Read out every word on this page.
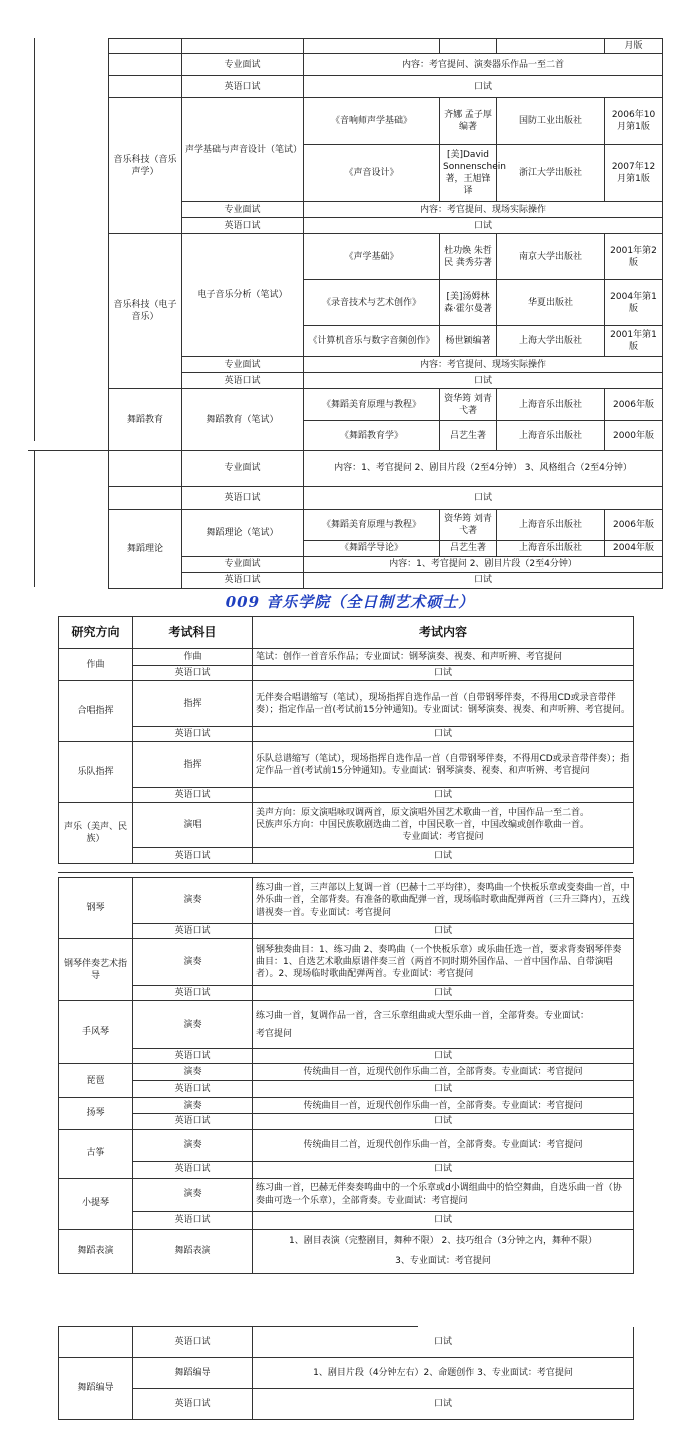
					月版
	专业面试	内容：考官提问、演奏器乐作品一至二首			
	英语口试	口试			
音乐科技（音乐声学）	声学基础与声音设计（笔试）	《音响师声学基础》	齐娜 孟子厚 编著	国防工业出版社	2006年10月第1版
		《声音设计》	[美]David Sonnenschein著，王旭锋译	浙江大学出版社	2007年12月第1版
	专业面试	内容：考官提问、现场实际操作			
	英语口试	口试			
音乐科技（电子音乐）	电子音乐分析（笔试）	《声学基础》	杜功焕 朱哲民 龚秀芬著	南京大学出版社	2001年第2版
		《录音技术与艺术创作》	[美]汤姆林森·霍尔曼著	华夏出版社	2004年第1版
		《计算机音乐与数字音频创作》	杨世颖编著	上海大学出版社	2001年第1版
	专业面试	内容：考官提问、现场实际操作			
	英语口试	口试			
舞蹈教育	舞蹈教育（笔试）	《舞蹈美育原理与教程》	资华筠 刘青弋著	上海音乐出版社	2006年版
		《舞蹈教育学》	吕艺生著	上海音乐出版社	2000年版
	专业面试	内容：1、考官提问 2、剧目片段（2至4分钟） 3、风格组合（2至4分钟）			
	英语口试	口试			
舞蹈理论	舞蹈理论（笔试）	《舞蹈美育原理与教程》	资华筠 刘青弋著	上海音乐出版社	2006年版
		《舞蹈学导论》	吕艺生著	上海音乐出版社	2004年版
	专业面试	内容：1、考官提问 2、剧目片段（2至4分钟）			
	英语口试	口试			
009 音乐学院（全日制艺术硕士）
研究方向	考试科目	考试内容
作曲	作曲	笔试：创作一首音乐作品；专业面试：钢琴演奏、视奏、和声听辨、考官提问
	英语口试	口试
合唱指挥	指挥	无伴奏合唱谱缩写（笔试），现场指挥自选作品一首（自带钢琴伴奏，不得用CD或录音带伴奏）；指定作品一首(考试前15分钟通知)。专业面试：钢琴演奏、视奏、和声听辨、考官提问。
	英语口试	口试
乐队指挥	指挥	乐队总谱缩写（笔试），现场指挥自选作品一首（自带钢琴伴奏，不得用CD或录音带伴奏）；指定作品一首(考试前15分钟通知)。专业面试：钢琴演奏、视奏、和声听辨、考官提问
	英语口试	口试
声乐（美声、民族）	演唱	美声方向：原文演唱咏叹调两首，原文演唱外国艺术歌曲一首，中国作品一至二首。
民族声乐方向：中国民族歌剧选曲二首，中国民歌一首，中国改编或创作歌曲一首。
专业面试：考官提问

	英语口试	口试
钢琴	演奏	练习曲一首，三声部以上复调一首（巴赫十二平均律），奏鸣曲一个快板乐章或变奏曲一首，中外乐曲一首，全部背奏。有准备的歌曲配弹一首，现场临时歌曲配弹两首（三升三降内），五线谱视奏一首。专业面试：考官提问
	英语口试	口试
钢琴伴奏艺术指导	演奏	钢琴独奏曲目：1、练习曲 2、奏鸣曲（一个快板乐章）或乐曲任选一首，要求背奏钢琴伴奏曲目：1、自选艺术歌曲原谱伴奏三首（两首不同时期外国作品、一首中国作品、自带演唱者）。2、现场临时歌曲配弹两首。专业面试：考官提问
	英语口试	口试
手风琴	演奏	练习曲一首，复调作品一首，含三乐章组曲或大型乐曲一首，全部背奏。专业面试：
考官提问

	英语口试	口试
琵琶	演奏	传统曲目一首，近现代创作乐曲二首，全部背奏。专业面试：考官提问
	英语口试	口试
扬琴	演奏	传统曲目一首，近现代创作乐曲一首，全部背奏。专业面试：考官提问
	英语口试	口试
古筝	演奏	传统曲目二首，近现代创作乐曲一首，全部背奏。专业面试：考官提问
	英语口试	口试
小提琴	演奏	练习曲一首，巴赫无伴奏奏鸣曲中的一个乐章或d小调组曲中的恰空舞曲，自选乐曲一首（协奏曲可选一个乐章），全部背奏。专业面试：考官提问
	英语口试	口试
舞蹈表演	舞蹈表演	1、剧目表演（完整剧目，舞种不限） 2、技巧组合（3分钟之内，舞种不限）
3、专业面试：考官提问
	英语口试	口试
舞蹈编导	舞蹈编导	1、剧目片段（4分钟左右）2、命题创作 3、专业面试：考官提问
	英语口试	口试
